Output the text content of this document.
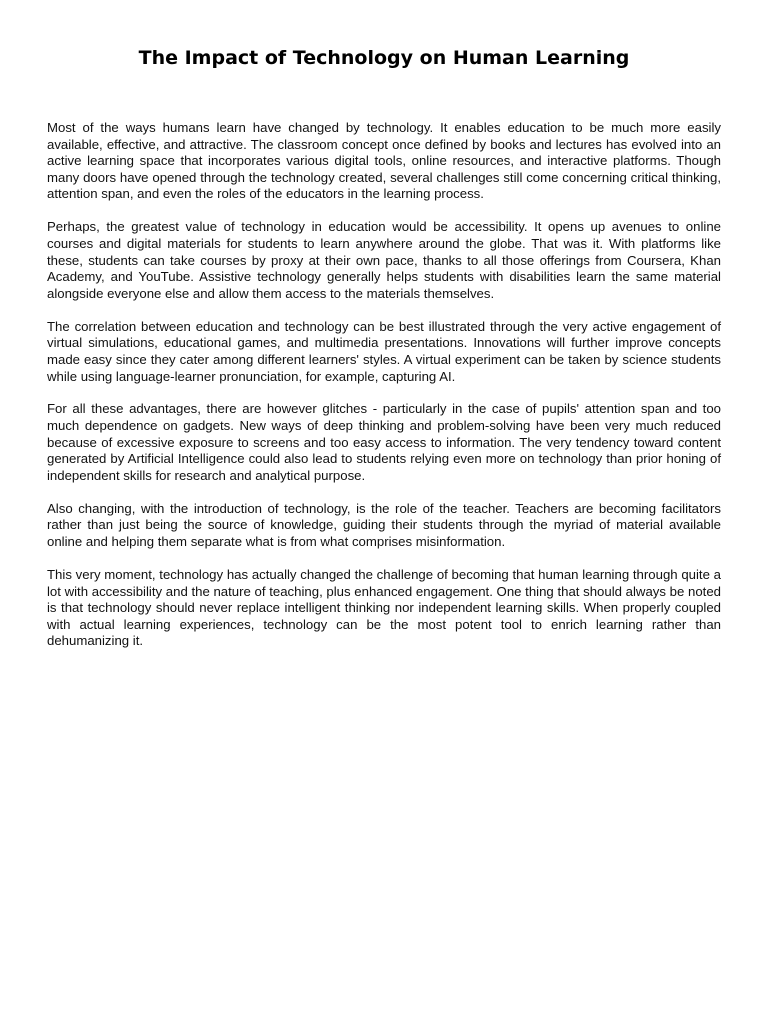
The Impact of Technology on Human Learning

Most of the ways humans learn have changed by technology. It enables education to be much more easily available, effective, and attractive. The classroom concept once defined by books and lectures has evolved into an active learning space that incorporates various digital tools, online resources, and interactive platforms. Though many doors have opened through the technology created, several challenges still come concerning critical thinking, attention span, and even the roles of the educators in the learning process.

Perhaps, the greatest value of technology in education would be accessibility. It opens up avenues to online courses and digital materials for students to learn anywhere around the globe. That was it. With platforms like these, students can take courses by proxy at their own pace, thanks to all those offerings from Coursera, Khan Academy, and YouTube. Assistive technology generally helps students with disabilities learn the same material alongside everyone else and allow them access to the materials themselves.

The correlation between education and technology can be best illustrated through the very active engagement of virtual simulations, educational games, and multimedia presentations. Innovations will further improve concepts made easy since they cater among different learners' styles. A virtual experiment can be taken by science students while using language-learner pronunciation, for example, capturing AI.

For all these advantages, there are however glitches - particularly in the case of pupils' attention span and too much dependence on gadgets. New ways of deep thinking and problem-solving have been very much reduced because of excessive exposure to screens and too easy access to information. The very tendency toward content generated by Artificial Intelligence could also lead to students relying even more on technology than prior honing of independent skills for research and analytical purpose.

Also changing, with the introduction of technology, is the role of the teacher. Teachers are becoming facilitators rather than just being the source of knowledge, guiding their students through the myriad of material available online and helping them separate what is from what comprises misinformation.

This very moment, technology has actually changed the challenge of becoming that human learning through quite a lot with accessibility and the nature of teaching, plus enhanced engagement. One thing that should always be noted is that technology should never replace intelligent thinking nor independent learning skills. When properly coupled with actual learning experiences, technology can be the most potent tool to enrich learning rather than dehumanizing it.
